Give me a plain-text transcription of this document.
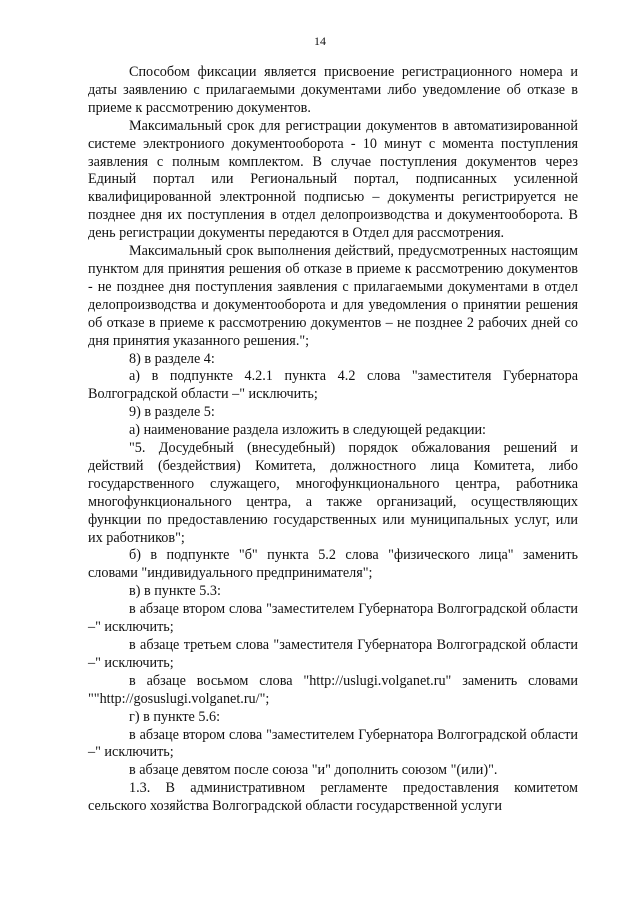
14

Способом фиксации является присвоение регистрационного номера и даты заявлению с прилагаемыми документами либо уведомление об отказе в приеме к рассмотрению документов.

Максимальный срок для регистрации документов в автоматизированной системе электрониого документооборота - 10 минут с момента поступления заявления с полным комплектом. В случае поступления документов через Единый портал или Региональный портал, подписанных усиленной квалифицированной электронной подписью – документы регистрируется не позднее дня их поступления в отдел делопроизводства и документооборота. В день регистрации документы передаются в Отдел для рассмотрения.

Максимальный срок выполнения действий, предусмотренных настоящим пунктом для принятия решения об отказе в приеме к рассмотрению документов - не позднее дня поступления заявления с прилагаемыми документами в отдел делопроизводства и документооборота и для уведомления о принятии решения об отказе в приеме к рассмотрению документов – не позднее 2 рабочих дней со дня принятия указанного решения.";

8) в разделе 4:

а) в подпункте 4.2.1 пункта 4.2 слова "заместителя Губернатора Волгоградской области –" исключить;

9) в разделе 5:

а) наименование раздела изложить в следующей редакции:

"5. Досудебный (внесудебный) порядок обжалования решений и действий (бездействия) Комитета, должностного лица Комитета, либо государственного служащего, многофункционального центра, работника многофункционального центра, а также организаций, осуществляющих функции по предоставлению государственных или муниципальных услуг, или их работников";

б) в подпункте "б" пункта 5.2 слова "физического лица" заменить словами "индивидуального предпринимателя";

в) в пункте 5.3:

в абзаце втором слова "заместителем Губернатора Волгоградской области –" исключить;

в абзаце третьем слова "заместителя Губернатора Волгоградской области –" исключить;

в абзаце восьмом слова "http://uslugi.volganet.ru" заменить словами ""http://gosuslugi.volganet.ru/";

г) в пункте 5.6:

в абзаце втором слова "заместителем Губернатора Волгоградской области –" исключить;

в абзаце девятом после союза "и" дополнить союзом "(или)".

1.3. В административном регламенте предоставления комитетом сельского хозяйства Волгоградской области государственной услуги
